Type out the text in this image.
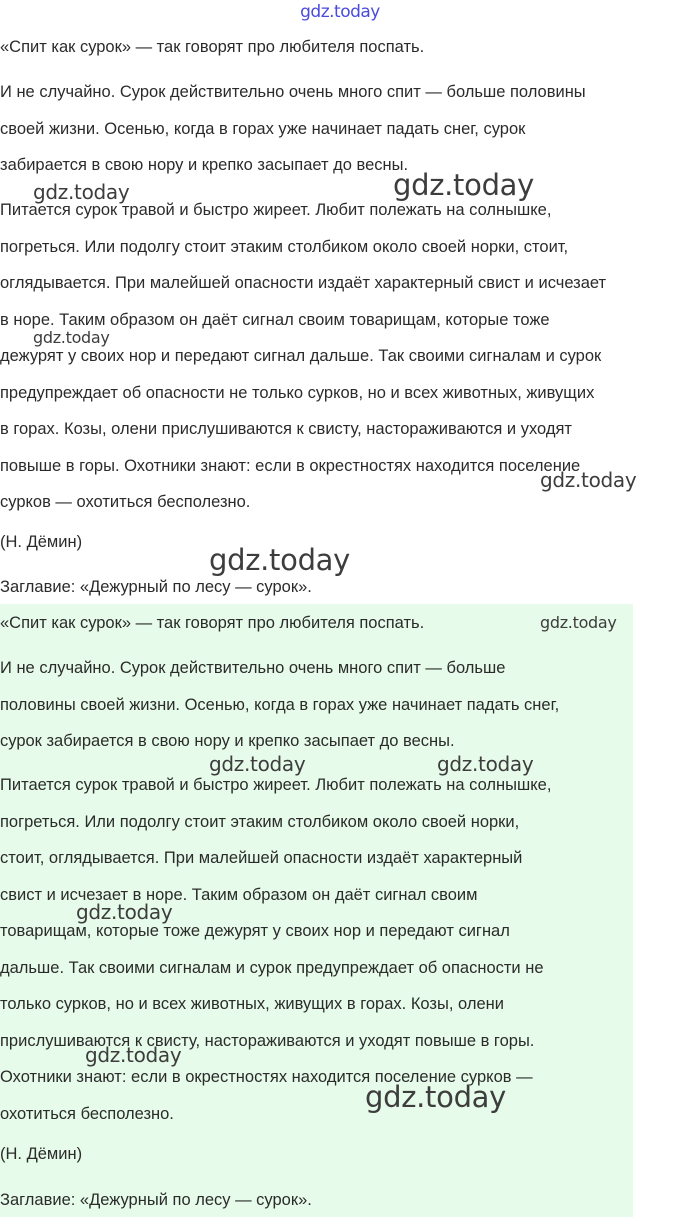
gdz.today
«Спит как сурок» — так говорят про любителя поспать.
И не случайно. Сурок действительно очень много спит — больше половины
своей жизни. Осенью, когда в горах уже начинает падать снег, сурок
забирается в свою нору и крепко засыпает до весны.
Питается сурок травой и быстро жиреет. Любит полежать на солнышке,
погреться. Или подолгу стоит этаким столбиком около своей норки, стоит,
оглядывается. При малейшей опасности издаёт характерный свист и исчезает
в норе. Таким образом он даёт сигнал своим товарищам, которые тоже
дежурят у своих нор и передают сигнал дальше. Так своими сигналам и сурок
предупреждает об опасности не только сурков, но и всех животных, живущих
в горах. Козы, олени прислушиваются к свисту, настораживаются и уходят
повыше в горы. Охотники знают: если в окрестностях находится поселение
сурков — охотиться бесполезно.
(Н. Дёмин)
Заглавие: «Дежурный по лесу — сурок».
«Спит как сурок» — так говорят про любителя поспать.
И не случайно. Сурок действительно очень много спит — больше
половины своей жизни. Осенью, когда в горах уже начинает падать снег,
сурок забирается в свою нору и крепко засыпает до весны.
Питается сурок травой и быстро жиреет. Любит полежать на солнышке,
погреться. Или подолгу стоит этаким столбиком около своей норки,
стоит, оглядывается. При малейшей опасности издаёт характерный
свист и исчезает в норе. Таким образом он даёт сигнал своим
товарищам, которые тоже дежурят у своих нор и передают сигнал
дальше. Так своими сигналам и сурок предупреждает об опасности не
только сурков, но и всех животных, живущих в горах. Козы, олени
прислушиваются к свисту, настораживаются и уходят повыше в горы.
Охотники знают: если в окрестностях находится поселение сурков —
охотиться бесполезно.
(Н. Дёмин)
Заглавие: «Дежурный по лесу — сурок».
gdz.today	gdz.today
gdz.today
gdz.today
gdz.today
gdz.today
gdz.today	gdz.today
gdz.today
gdz.today
gdz.today
